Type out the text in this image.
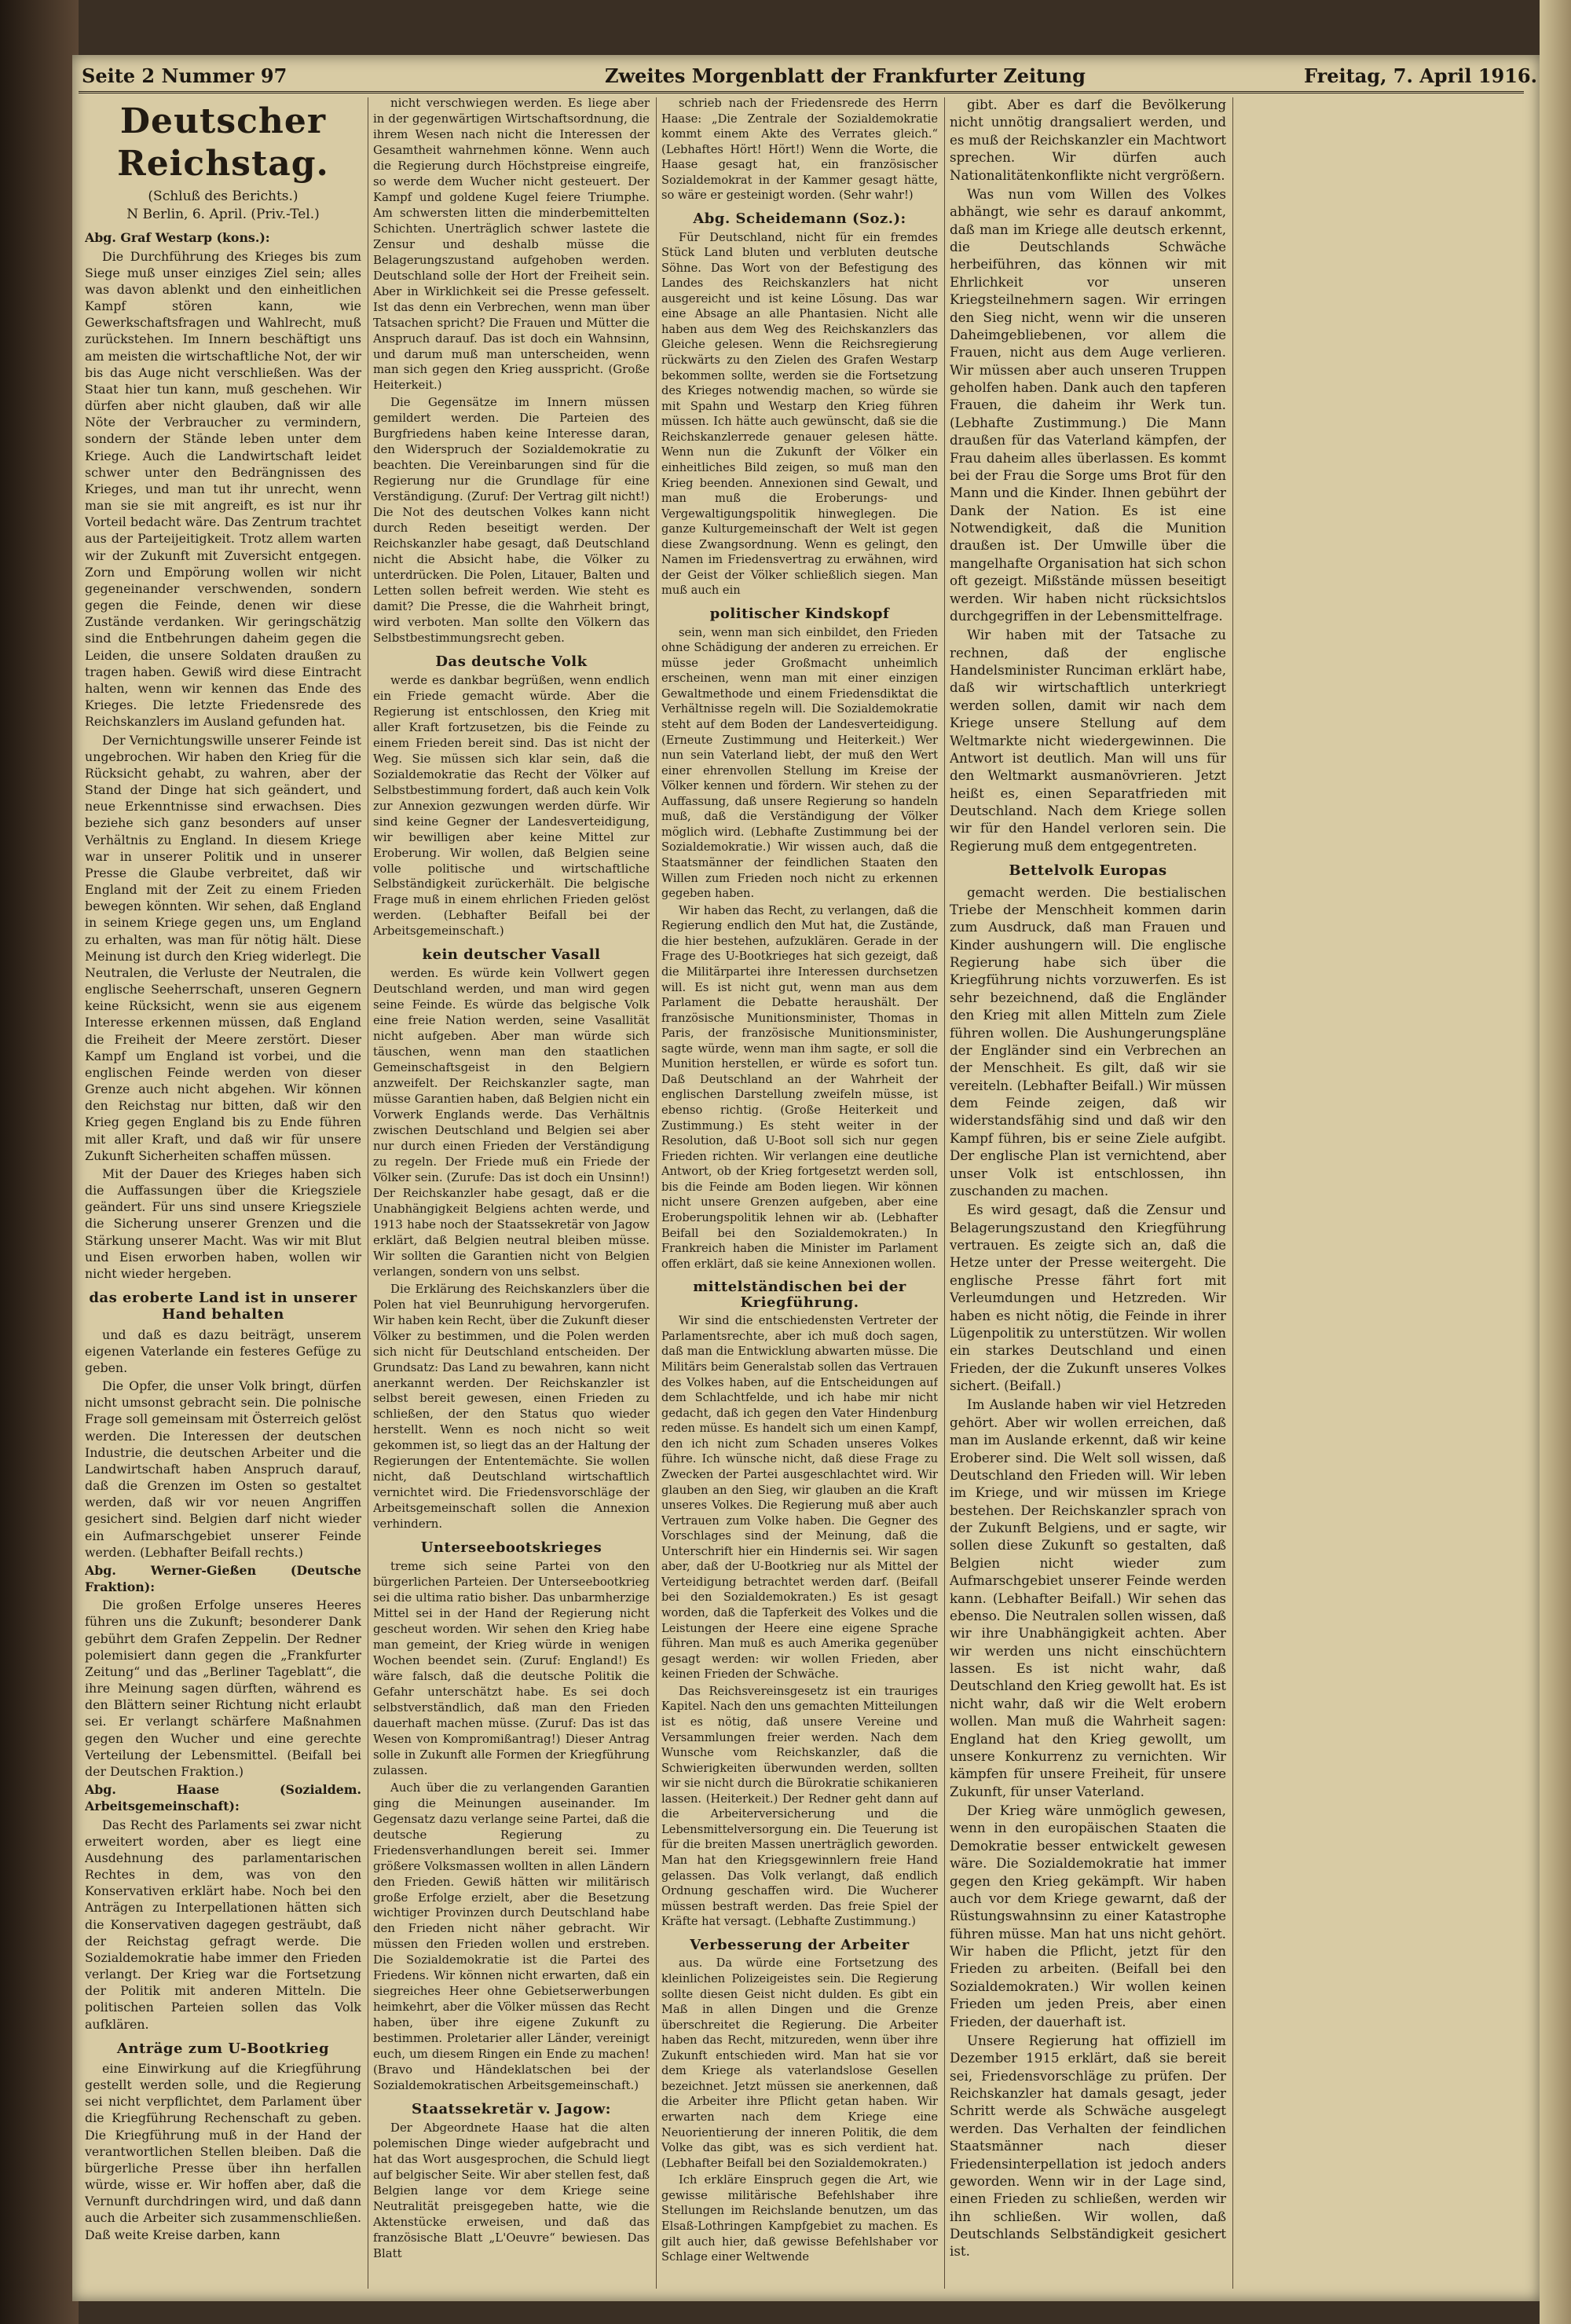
Seite 2 Nummer 97	Zweites Morgenblatt der Frankfurter Zeitung	Freitag, 7. April 1916.
Deutscher Reichstag.
(Schluß des Berichts.)
N Berlin, 6. April. (Priv.-Tel.)

Abg. Graf Westarp (kons.):

Die Durchführung des Krieges bis zum Siege muß unser einziges Ziel sein; alles was davon ablenkt und den einheitlichen Kampf stören kann, wie Gewerkschaftsfragen und Wahlrecht, muß zurückstehen. Im Innern beschäftigt uns am meisten die wirtschaftliche Not, der wir bis das Auge nicht verschließen. Was der Staat hier tun kann, muß geschehen. Wir dürfen aber nicht glauben, daß wir alle Nöte der Verbraucher zu vermindern, sondern der Stände leben unter dem Kriege. Auch die Landwirtschaft leidet schwer unter den Bedrängnissen des Krieges, und man tut ihr unrecht, wenn man sie sie mit angreift, es ist nur ihr Vorteil bedacht wäre. Das Zentrum trachtet aus der Parteijeitigkeit. Trotz allem warten wir der Zukunft mit Zuversicht entgegen. Zorn und Empörung wollen wir nicht gegeneinander verschwenden, sondern gegen die Feinde, denen wir diese Zustände verdanken. Wir geringschätzig sind die Entbehrungen daheim gegen die Leiden, die unsere Soldaten draußen zu tragen haben. Gewiß wird diese Eintracht halten, wenn wir kennen das Ende des Krieges. Die letzte Friedensrede des Reichskanzlers im Ausland gefunden hat.

Der Vernichtungswille unserer Feinde ist ungebrochen. Wir haben den Krieg für die Rücksicht gehabt, zu wahren, aber der Stand der Dinge hat sich geändert, und neue Erkenntnisse sind erwachsen. Dies beziehe sich ganz besonders auf unser Verhältnis zu England. In diesem Kriege war in unserer Politik und in unserer Presse die Glaube verbreitet, daß wir England mit der Zeit zu einem Frieden bewegen könnten. Wir sehen, daß England in seinem Kriege gegen uns, um England zu erhalten, was man für nötig hält. Diese Meinung ist durch den Krieg widerlegt. Die Neutralen, die Verluste der Neutralen, die englische Seeherrschaft, unseren Gegnern keine Rücksicht, wenn sie aus eigenem Interesse erkennen müssen, daß England die Freiheit der Meere zerstört. Dieser Kampf um England ist vorbei, und die englischen Feinde werden von dieser Grenze auch nicht abgehen. Wir können den Reichstag nur bitten, daß wir den Krieg gegen England bis zu Ende führen mit aller Kraft, und daß wir für unsere Zukunft Sicherheiten schaffen müssen.

Mit der Dauer des Krieges haben sich die Auffassungen über die Kriegsziele geändert. Für uns sind unsere Kriegsziele die Sicherung unserer Grenzen und die Stärkung unserer Macht. Was wir mit Blut und Eisen erworben haben, wollen wir nicht wieder hergeben.

das eroberte Land ist in unserer Hand behalten

und daß es dazu beiträgt, unserem eigenen Vaterlande ein festeres Gefüge zu geben.

Die Opfer, die unser Volk bringt, dürfen nicht umsonst gebracht sein. Die polnische Frage soll gemeinsam mit Österreich gelöst werden. Die Interessen der deutschen Industrie, die deutschen Arbeiter und die Landwirtschaft haben Anspruch darauf, daß die Grenzen im Osten so gestaltet werden, daß wir vor neuen Angriffen gesichert sind. Belgien darf nicht wieder ein Aufmarschgebiet unserer Feinde werden. (Lebhafter Beifall rechts.)

Abg. Werner-Gießen (Deutsche Fraktion):

Die großen Erfolge unseres Heeres führen uns die Zukunft; besonderer Dank gebührt dem Grafen Zeppelin. Der Redner polemisiert dann gegen die „Frankfurter Zeitung“ und das „Berliner Tageblatt“, die ihre Meinung sagen dürften, während es den Blättern seiner Richtung nicht erlaubt sei. Er verlangt schärfere Maßnahmen gegen den Wucher und eine gerechte Verteilung der Lebensmittel. (Beifall bei der Deutschen Fraktion.)

Abg. Haase (Sozialdem. Arbeitsgemeinschaft):

Das Recht des Parlaments sei zwar nicht erweitert worden, aber es liegt eine Ausdehnung des parlamentarischen Rechtes in dem, was von den Konservativen erklärt habe. Noch bei den Anträgen zu Interpellationen hätten sich die Konservativen dagegen gesträubt, daß der Reichstag gefragt werde. Die Sozialdemokratie habe immer den Frieden verlangt. Der Krieg war die Fortsetzung der Politik mit anderen Mitteln. Die politischen Parteien sollen das Volk aufklären.

Anträge zum U-Bootkrieg

eine Einwirkung auf die Kriegführung gestellt werden solle, und die Regierung sei nicht verpflichtet, dem Parlament über die Kriegführung Rechenschaft zu geben. Die Kriegführung muß in der Hand der verantwortlichen Stellen bleiben. Daß die bürgerliche Presse über ihn herfallen würde, wisse er. Wir hoffen aber, daß die Vernunft durchdringen wird, und daß dann auch die Arbeiter sich zusammenschließen. Daß weite Kreise darben, kann

nicht verschwiegen werden. Es liege aber in der gegenwärtigen Wirtschaftsordnung, die ihrem Wesen nach nicht die Interessen der Gesamtheit wahrnehmen könne. Wenn auch die Regierung durch Höchstpreise eingreife, so werde dem Wucher nicht gesteuert. Der Kampf und goldene Kugel feiere Triumphe. Am schwersten litten die minderbemittelten Schichten. Unerträglich schwer lastete die Zensur und deshalb müsse die Belagerungszustand aufgehoben werden. Deutschland solle der Hort der Freiheit sein. Aber in Wirklichkeit sei die Presse gefesselt. Ist das denn ein Verbrechen, wenn man über Tatsachen spricht? Die Frauen und Mütter die Anspruch darauf. Das ist doch ein Wahnsinn, und darum muß man unterscheiden, wenn man sich gegen den Krieg ausspricht. (Große Heiterkeit.)

Die Gegensätze im Innern müssen gemildert werden. Die Parteien des Burgfriedens haben keine Interesse daran, den Widerspruch der Sozialdemokratie zu beachten. Die Vereinbarungen sind für die Regierung nur die Grundlage für eine Verständigung. (Zuruf: Der Vertrag gilt nicht!) Die Not des deutschen Volkes kann nicht durch Reden beseitigt werden. Der Reichskanzler habe gesagt, daß Deutschland nicht die Absicht habe, die Völker zu unterdrücken. Die Polen, Litauer, Balten und Letten sollen befreit werden. Wie steht es damit? Die Presse, die die Wahrheit bringt, wird verboten. Man sollte den Völkern das Selbstbestimmungsrecht geben.

Das deutsche Volk

werde es dankbar begrüßen, wenn endlich ein Friede gemacht würde. Aber die Regierung ist entschlossen, den Krieg mit aller Kraft fortzusetzen, bis die Feinde zu einem Frieden bereit sind. Das ist nicht der Weg. Sie müssen sich klar sein, daß die Sozialdemokratie das Recht der Völker auf Selbstbestimmung fordert, daß auch kein Volk zur Annexion gezwungen werden dürfe. Wir sind keine Gegner der Landesverteidigung, wir bewilligen aber keine Mittel zur Eroberung. Wir wollen, daß Belgien seine volle politische und wirtschaftliche Selbständigkeit zurückerhält. Die belgische Frage muß in einem ehrlichen Frieden gelöst werden. (Lebhafter Beifall bei der Arbeitsgemeinschaft.)

kein deutscher Vasall

werden. Es würde kein Vollwert gegen Deutschland werden, und man wird gegen seine Feinde. Es würde das belgische Volk eine freie Nation werden, seine Vasallität nicht aufgeben. Aber man würde sich täuschen, wenn man den staatlichen Gemeinschaftsgeist in den Belgiern anzweifelt. Der Reichskanzler sagte, man müsse Garantien haben, daß Belgien nicht ein Vorwerk Englands werde. Das Verhältnis zwischen Deutschland und Belgien sei aber nur durch einen Frieden der Verständigung zu regeln. Der Friede muß ein Friede der Völker sein. (Zurufe: Das ist doch ein Unsinn!) Der Reichskanzler habe gesagt, daß er die Unabhängigkeit Belgiens achten werde, und 1913 habe noch der Staatssekretär von Jagow erklärt, daß Belgien neutral bleiben müsse. Wir sollten die Garantien nicht von Belgien verlangen, sondern von uns selbst.

Die Erklärung des Reichskanzlers über die Polen hat viel Beunruhigung hervorgerufen. Wir haben kein Recht, über die Zukunft dieser Völker zu bestimmen, und die Polen werden sich nicht für Deutschland entscheiden. Der Grundsatz: Das Land zu bewahren, kann nicht anerkannt werden. Der Reichskanzler ist selbst bereit gewesen, einen Frieden zu schließen, der den Status quo wieder herstellt. Wenn es noch nicht so weit gekommen ist, so liegt das an der Haltung der Regierungen der Ententemächte. Sie wollen nicht, daß Deutschland wirtschaftlich vernichtet wird. Die Friedensvorschläge der Arbeitsgemeinschaft sollen die Annexion verhindern.

Unterseebootskrieges

treme sich seine Partei von den bürgerlichen Parteien. Der Unterseebootkrieg sei die ultima ratio bisher. Das unbarmherzige Mittel sei in der Hand der Regierung nicht gescheut worden. Wir sehen den Krieg habe man gemeint, der Krieg würde in wenigen Wochen beendet sein. (Zuruf: England!) Es wäre falsch, daß die deutsche Politik die Gefahr unterschätzt habe. Es sei doch selbstverständlich, daß man den Frieden dauerhaft machen müsse. (Zuruf: Das ist das Wesen von Kompromißantrag!) Dieser Antrag solle in Zukunft alle Formen der Kriegführung zulassen.

Auch über die zu verlangenden Garantien ging die Meinungen auseinander. Im Gegensatz dazu verlange seine Partei, daß die deutsche Regierung zu Friedensverhandlungen bereit sei. Immer größere Volksmassen wollten in allen Ländern den Frieden. Gewiß hätten wir militärisch große Erfolge erzielt, aber die Besetzung wichtiger Provinzen durch Deutschland habe den Frieden nicht näher gebracht. Wir müssen den Frieden wollen und erstreben. Die Sozialdemokratie ist die Partei des Friedens. Wir können nicht erwarten, daß ein siegreiches Heer ohne Gebietserwerbungen heimkehrt, aber die Völker müssen das Recht haben, über ihre eigene Zukunft zu bestimmen. Proletarier aller Länder, vereinigt euch, um diesem Ringen ein Ende zu machen! (Bravo und Händeklatschen bei der Sozialdemokratischen Arbeitsgemeinschaft.)

Staatssekretär v. Jagow:

Der Abgeordnete Haase hat die alten polemischen Dinge wieder aufgebracht und hat das Wort ausgesprochen, die Schuld liegt auf belgischer Seite. Wir aber stellen fest, daß Belgien lange vor dem Kriege seine Neutralität preisgegeben hatte, wie die Aktenstücke erweisen, und daß das französische Blatt „L'Oeuvre“ bewiesen. Das Blatt

schrieb nach der Friedensrede des Herrn Haase: „Die Zentrale der Sozialdemokratie kommt einem Akte des Verrates gleich.“ (Lebhaftes Hört! Hört!) Wenn die Worte, die Haase gesagt hat, ein französischer Sozialdemokrat in der Kammer gesagt hätte, so wäre er gesteinigt worden. (Sehr wahr!)

Abg. Scheidemann (Soz.):

Für Deutschland, nicht für ein fremdes Stück Land bluten und verbluten deutsche Söhne. Das Wort von der Befestigung des Landes des Reichskanzlers hat nicht ausgereicht und ist keine Lösung. Das war eine Absage an alle Phantasien. Nicht alle haben aus dem Weg des Reichskanzlers das Gleiche gelesen. Wenn die Reichsregierung rückwärts zu den Zielen des Grafen Westarp bekommen sollte, werden sie die Fortsetzung des Krieges notwendig machen, so würde sie mit Spahn und Westarp den Krieg führen müssen. Ich hätte auch gewünscht, daß sie die Reichskanzlerrede genauer gelesen hätte. Wenn nun die Zukunft der Völker ein einheitliches Bild zeigen, so muß man den Krieg beenden. Annexionen sind Gewalt, und man muß die Eroberungs- und Vergewaltigungspolitik hinweglegen. Die ganze Kulturgemeinschaft der Welt ist gegen diese Zwangsordnung. Wenn es gelingt, den Namen im Friedensvertrag zu erwähnen, wird der Geist der Völker schließlich siegen. Man muß auch ein

politischer Kindskopf

sein, wenn man sich einbildet, den Frieden ohne Schädigung der anderen zu erreichen. Er müsse jeder Großmacht unheimlich erscheinen, wenn man mit einer einzigen Gewaltmethode und einem Friedensdiktat die Verhältnisse regeln will. Die Sozialdemokratie steht auf dem Boden der Landesverteidigung. (Erneute Zustimmung und Heiterkeit.) Wer nun sein Vaterland liebt, der muß den Wert einer ehrenvollen Stellung im Kreise der Völker kennen und fördern. Wir stehen zu der Auffassung, daß unsere Regierung so handeln muß, daß die Verständigung der Völker möglich wird. (Lebhafte Zustimmung bei der Sozialdemokratie.) Wir wissen auch, daß die Staatsmänner der feindlichen Staaten den Willen zum Frieden noch nicht zu erkennen gegeben haben.

Wir haben das Recht, zu verlangen, daß die Regierung endlich den Mut hat, die Zustände, die hier bestehen, aufzuklären. Gerade in der Frage des U-Bootkrieges hat sich gezeigt, daß die Militärpartei ihre Interessen durchsetzen will. Es ist nicht gut, wenn man aus dem Parlament die Debatte heraushält. Der französische Munitionsminister, Thomas in Paris, der französische Munitionsminister, sagte würde, wenn man ihm sagte, er soll die Munition herstellen, er würde es sofort tun. Daß Deutschland an der Wahrheit der englischen Darstellung zweifeln müsse, ist ebenso richtig. (Große Heiterkeit und Zustimmung.) Es steht weiter in der Resolution, daß U-Boot soll sich nur gegen Frieden richten. Wir verlangen eine deutliche Antwort, ob der Krieg fortgesetzt werden soll, bis die Feinde am Boden liegen. Wir können nicht unsere Grenzen aufgeben, aber eine Eroberungspolitik lehnen wir ab. (Lebhafter Beifall bei den Sozialdemokraten.) In Frankreich haben die Minister im Parlament offen erklärt, daß sie keine Annexionen wollen.

mittelständischen bei der Kriegführung.

Wir sind die entschiedensten Vertreter der Parlamentsrechte, aber ich muß doch sagen, daß man die Entwicklung abwarten müsse. Die Militärs beim Generalstab sollen das Vertrauen des Volkes haben, auf die Entscheidungen auf dem Schlachtfelde, und ich habe mir nicht gedacht, daß ich gegen den Vater Hindenburg reden müsse. Es handelt sich um einen Kampf, den ich nicht zum Schaden unseres Volkes führe. Ich wünsche nicht, daß diese Frage zu Zwecken der Partei ausgeschlachtet wird. Wir glauben an den Sieg, wir glauben an die Kraft unseres Volkes. Die Regierung muß aber auch Vertrauen zum Volke haben. Die Gegner des Vorschlages sind der Meinung, daß die Unterschrift hier ein Hindernis sei. Wir sagen aber, daß der U-Bootkrieg nur als Mittel der Verteidigung betrachtet werden darf. (Beifall bei den Sozialdemokraten.) Es ist gesagt worden, daß die Tapferkeit des Volkes und die Leistungen der Heere eine eigene Sprache führen. Man muß es auch Amerika gegenüber gesagt werden: wir wollen Frieden, aber keinen Frieden der Schwäche.

Das Reichsvereinsgesetz ist ein trauriges Kapitel. Nach den uns gemachten Mitteilungen ist es nötig, daß unsere Vereine und Versammlungen freier werden. Nach dem Wunsche vom Reichskanzler, daß die Schwierigkeiten überwunden werden, sollten wir sie nicht durch die Bürokratie schikanieren lassen. (Heiterkeit.) Der Redner geht dann auf die Arbeiterversicherung und die Lebensmittelversorgung ein. Die Teuerung ist für die breiten Massen unerträglich geworden. Man hat den Kriegsgewinnlern freie Hand gelassen. Das Volk verlangt, daß endlich Ordnung geschaffen wird. Die Wucherer müssen bestraft werden. Das freie Spiel der Kräfte hat versagt. (Lebhafte Zustimmung.)

Verbesserung der Arbeiter

aus. Da würde eine Fortsetzung des kleinlichen Polizeigeistes sein. Die Regierung sollte diesen Geist nicht dulden. Es gibt ein Maß in allen Dingen und die Grenze überschreitet die Regierung. Die Arbeiter haben das Recht, mitzureden, wenn über ihre Zukunft entschieden wird. Man hat sie vor dem Kriege als vaterlandslose Gesellen bezeichnet. Jetzt müssen sie anerkennen, daß die Arbeiter ihre Pflicht getan haben. Wir erwarten nach dem Kriege eine Neuorientierung der inneren Politik, die dem Volke das gibt, was es sich verdient hat. (Lebhafter Beifall bei den Sozialdemokraten.)

Ich erkläre Einspruch gegen die Art, wie gewisse militärische Befehlshaber ihre Stellungen im Reichslande benutzen, um das Elsaß-Lothringen Kampfgebiet zu machen. Es gilt auch hier, daß gewisse Befehlshaber vor Schlage einer Weltwende

gibt. Aber es darf die Bevölkerung nicht unnötig drangsaliert werden, und es muß der Reichskanzler ein Machtwort sprechen. Wir dürfen auch Nationalitätenkonflikte nicht vergrößern.

Was nun vom Willen des Volkes abhängt, wie sehr es darauf ankommt, daß man im Kriege alle deutsch erkennt, die Deutschlands Schwäche herbeiführen, das können wir mit Ehrlichkeit vor unseren Kriegsteilnehmern sagen. Wir erringen den Sieg nicht, wenn wir die unseren Daheimgebliebenen, vor allem die Frauen, nicht aus dem Auge verlieren. Wir müssen aber auch unseren Truppen geholfen haben. Dank auch den tapferen Frauen, die daheim ihr Werk tun. (Lebhafte Zustimmung.) Die Mann draußen für das Vaterland kämpfen, der Frau daheim alles überlassen. Es kommt bei der Frau die Sorge ums Brot für den Mann und die Kinder. Ihnen gebührt der Dank der Nation. Es ist eine Notwendigkeit, daß die Munition draußen ist. Der Umwille über die mangelhafte Organisation hat sich schon oft gezeigt. Mißstände müssen beseitigt werden. Wir haben nicht rücksichtslos durchgegriffen in der Lebensmittelfrage.

Wir haben mit der Tatsache zu rechnen, daß der englische Handelsminister Runciman erklärt habe, daß wir wirtschaftlich unterkriegt werden sollen, damit wir nach dem Kriege unsere Stellung auf dem Weltmarkte nicht wiedergewinnen. Die Antwort ist deutlich. Man will uns für den Weltmarkt ausmanövrieren. Jetzt heißt es, einen Separatfrieden mit Deutschland. Nach dem Kriege sollen wir für den Handel verloren sein. Die Regierung muß dem entgegentreten.

Bettelvolk Europas

gemacht werden. Die bestialischen Triebe der Menschheit kommen darin zum Ausdruck, daß man Frauen und Kinder aushungern will. Die englische Regierung habe sich über die Kriegführung nichts vorzuwerfen. Es ist sehr bezeichnend, daß die Engländer den Krieg mit allen Mitteln zum Ziele führen wollen. Die Aushungerungspläne der Engländer sind ein Verbrechen an der Menschheit. Es gilt, daß wir sie vereiteln. (Lebhafter Beifall.) Wir müssen dem Feinde zeigen, daß wir widerstandsfähig sind und daß wir den Kampf führen, bis er seine Ziele aufgibt. Der englische Plan ist vernichtend, aber unser Volk ist entschlossen, ihn zuschanden zu machen.

Es wird gesagt, daß die Zensur und Belagerungszustand den Kriegführung vertrauen. Es zeigte sich an, daß die Hetze unter der Presse weitergeht. Die englische Presse fährt fort mit Verleumdungen und Hetzreden. Wir haben es nicht nötig, die Feinde in ihrer Lügenpolitik zu unterstützen. Wir wollen ein starkes Deutschland und einen Frieden, der die Zukunft unseres Volkes sichert. (Beifall.)

Im Auslande haben wir viel Hetzreden gehört. Aber wir wollen erreichen, daß man im Auslande erkennt, daß wir keine Eroberer sind. Die Welt soll wissen, daß Deutschland den Frieden will. Wir leben im Kriege, und wir müssen im Kriege bestehen. Der Reichskanzler sprach von der Zukunft Belgiens, und er sagte, wir sollen diese Zukunft so gestalten, daß Belgien nicht wieder zum Aufmarschgebiet unserer Feinde werden kann. (Lebhafter Beifall.) Wir sehen das ebenso. Die Neutralen sollen wissen, daß wir ihre Unabhängigkeit achten. Aber wir werden uns nicht einschüchtern lassen. Es ist nicht wahr, daß Deutschland den Krieg gewollt hat. Es ist nicht wahr, daß wir die Welt erobern wollen. Man muß die Wahrheit sagen: England hat den Krieg gewollt, um unsere Konkurrenz zu vernichten. Wir kämpfen für unsere Freiheit, für unsere Zukunft, für unser Vaterland.

Der Krieg wäre unmöglich gewesen, wenn in den europäischen Staaten die Demokratie besser entwickelt gewesen wäre. Die Sozialdemokratie hat immer gegen den Krieg gekämpft. Wir haben auch vor dem Kriege gewarnt, daß der Rüstungswahnsinn zu einer Katastrophe führen müsse. Man hat uns nicht gehört. Wir haben die Pflicht, jetzt für den Frieden zu arbeiten. (Beifall bei den Sozialdemokraten.) Wir wollen keinen Frieden um jeden Preis, aber einen Frieden, der dauerhaft ist.

Unsere Regierung hat offiziell im Dezember 1915 erklärt, daß sie bereit sei, Friedensvorschläge zu prüfen. Der Reichskanzler hat damals gesagt, jeder Schritt werde als Schwäche ausgelegt werden. Das Verhalten der feindlichen Staatsmänner nach dieser Friedensinterpellation ist jedoch anders geworden. Wenn wir in der Lage sind, einen Frieden zu schließen, werden wir ihn schließen. Wir wollen, daß Deutschlands Selbständigkeit gesichert ist.
